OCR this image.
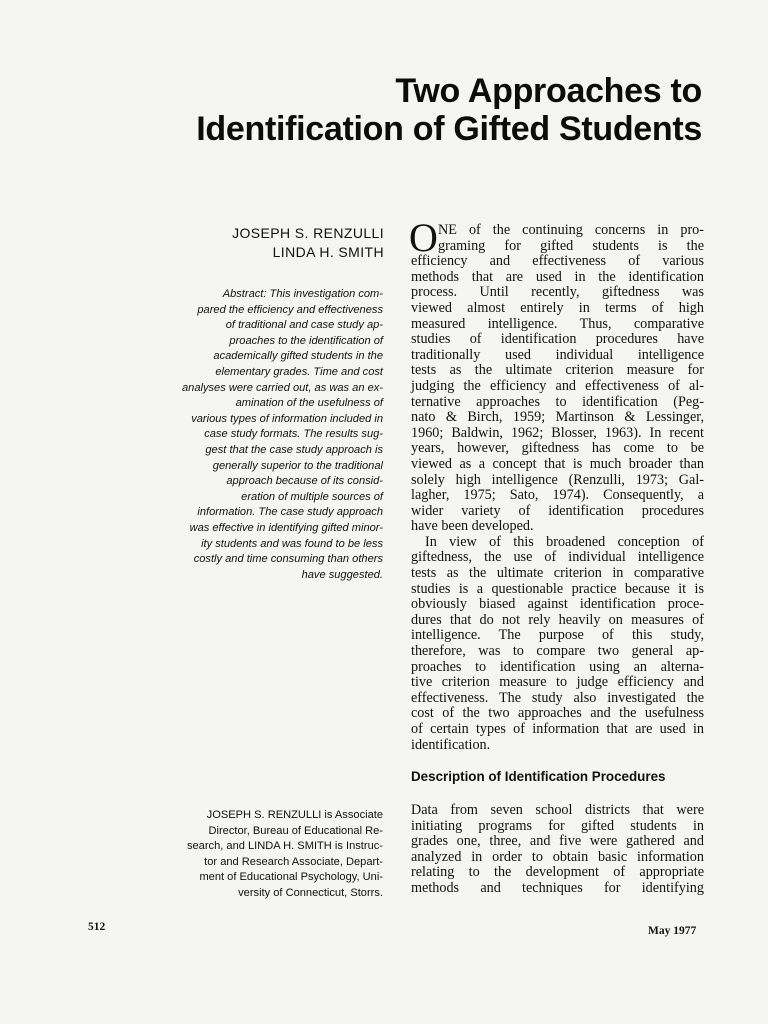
Two Approaches to
Identification of Gifted Students
JOSEPH S. RENZULLI
LINDA H. SMITH
Abstract: This investigation com-
pared the efficiency and effectiveness
of traditional and case study ap-
proaches to the identification of
academically gifted students in the
elementary grades. Time and cost
analyses were carried out, as was an ex-
amination of the usefulness of
various types of information included in
case study formats. The results sug-
gest that the case study approach is
generally superior to the traditional
approach because of its consid-
eration of multiple sources of
information. The case study approach
was effective in identifying gifted minor-
ity students and was found to be less
costly and time consuming than others
have suggested.
JOSEPH S. RENZULLI is Associate
Director, Bureau of Educational Re-
search, and LINDA H. SMITH is Instruc-
tor and Research Associate, Depart-
ment of Educational Psychology, Uni-
versity of Connecticut, Storrs.
O NE of the continuing concerns in pro-
graming for gifted students is the
efficiency and effectiveness of various
methods that are used in the identification
process. Until recently, giftedness was
viewed almost entirely in terms of high
measured intelligence. Thus, comparative
studies of identification procedures have
traditionally used individual intelligence
tests as the ultimate criterion measure for
judging the efficiency and effectiveness of al-
ternative approaches to identification (Peg-
nato & Birch, 1959; Martinson & Lessinger,
1960; Baldwin, 1962; Blosser, 1963). In recent
years, however, giftedness has come to be
viewed as a concept that is much broader than
solely high intelligence (Renzulli, 1973; Gal-
lagher, 1975; Sato, 1974). Consequently, a
wider variety of identification procedures
have been developed.
In view of this broadened conception of
giftedness, the use of individual intelligence
tests as the ultimate criterion in comparative
studies is a questionable practice because it is
obviously biased against identification proce-
dures that do not rely heavily on measures of
intelligence. The purpose of this study,
therefore, was to compare two general ap-
proaches to identification using an alterna-
tive criterion measure to judge efficiency and
effectiveness. The study also investigated the
cost of the two approaches and the usefulness
of certain types of information that are used in
identification.
Description of Identification Procedures
Data from seven school districts that were
initiating programs for gifted students in
grades one, three, and five were gathered and
analyzed in order to obtain basic information
relating to the development of appropriate
methods and techniques for identifying
512	May 1977
